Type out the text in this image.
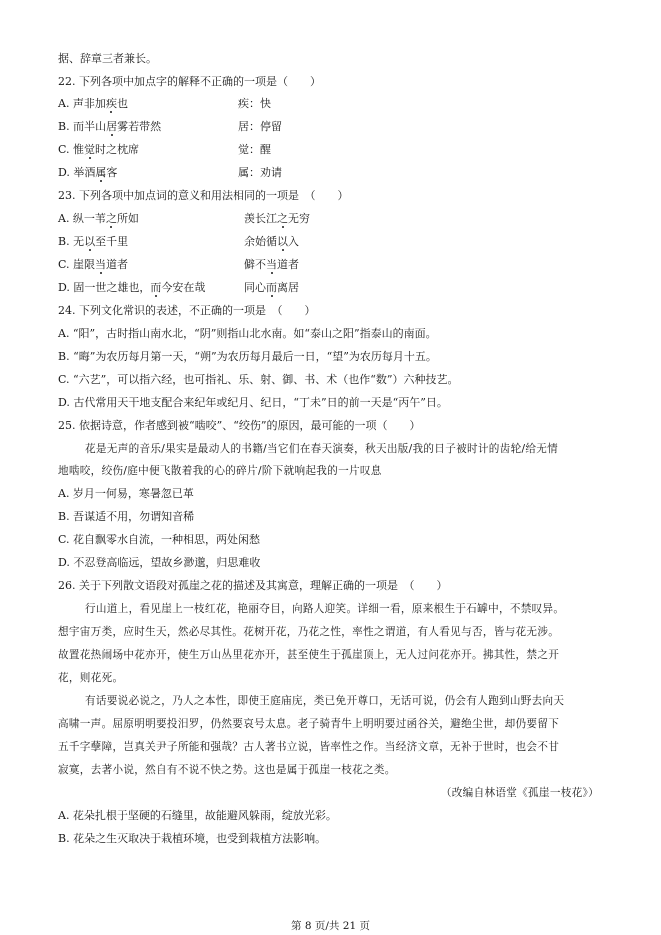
据、辞章三者兼长。
22. 下列各项中加点字的解释不正确的一项是（　　）
A. 声非加疾也	疾：快
B. 而半山居雾若带然	居：停留
C. 惟觉时之枕席	觉：醒
D. 举酒属客	属：劝请
23. 下列各项中加点词的意义和用法相同的一项是　（　　）
A. 纵一苇之所如	羡长江之无穷
B. 无以至千里	余始循以入
C. 崖限当道者	僻不当道者
D. 固一世之雄也，而今安在哉	同心而离居
24. 下列文化常识的表述，不正确的一项是　（　　）
A. “阳”，古时指山南水北，“阴”则指山北水南。如“泰山之阳”指泰山的南面。
B. “晦”为农历每月第一天，“朔”为农历每月最后一日，“望”为农历每月十五。
C. “六艺”，可以指六经，也可指礼、乐、射、御、书、术（也作“数”）六种技艺。
D. 古代常用天干地支配合来纪年或纪月、纪日，“丁未”日的前一天是“丙午”日。
25. 依据诗意，作者感到被“啮咬”、“绞伤”的原因，最可能的一项（　　）
花是无声的音乐/果实是最动人的书籍/当它们在春天演奏，秋天出版/我的日子被时计的齿轮/给无情
地啮咬，绞伤/庭中便飞散着我的心的碎片/阶下就响起我的一片叹息
A. 岁月一何易，寒暑忽已革
B. 吾谋适不用，勿谓知音稀
C. 花自飘零水自流，一种相思，两处闲愁
D. 不忍登高临远，望故乡渺邈，归思难收
26. 关于下列散文语段对孤崖之花的描述及其寓意，理解正确的一项是　（　　）
行山道上，看见崖上一枝红花，艳丽夺目，向路人迎笑。详细一看，原来根生于石罅中，不禁叹异。
想宇宙万类，应时生天，然必尽其性。花树开花，乃花之性，率性之谓道，有人看见与否，皆与花无涉。
故置花热闹场中花亦开，使生万山丛里花亦开，甚至使生于孤崖顶上，无人过问花亦开。拂其性，禁之开
花，则花死。
有话要说必说之，乃人之本性，即使王庭庙庑，类已免开尊口，无话可说，仍会有人跑到山野去向天
高啸一声。屈原明明要投汨罗，仍然要哀号太息。老子骑青牛上明明要过函谷关，避绝尘世，却仍要留下
五千字孽障，岂真关尹子所能和强哉？古人著书立说，皆率性之作。当经济文章，无补于世时，也会不甘
寂寞，去著小说，然自有不说不快之势。这也是属于孤崖一枝花之类。
（改编自林语堂《孤崖一枝花》）
A. 花朵扎根于坚硬的石缝里，故能避风躲雨，绽放光彩。
B. 花朵之生灭取决于栽植环境，也受到栽植方法影响。
第 8 页/共 21 页
